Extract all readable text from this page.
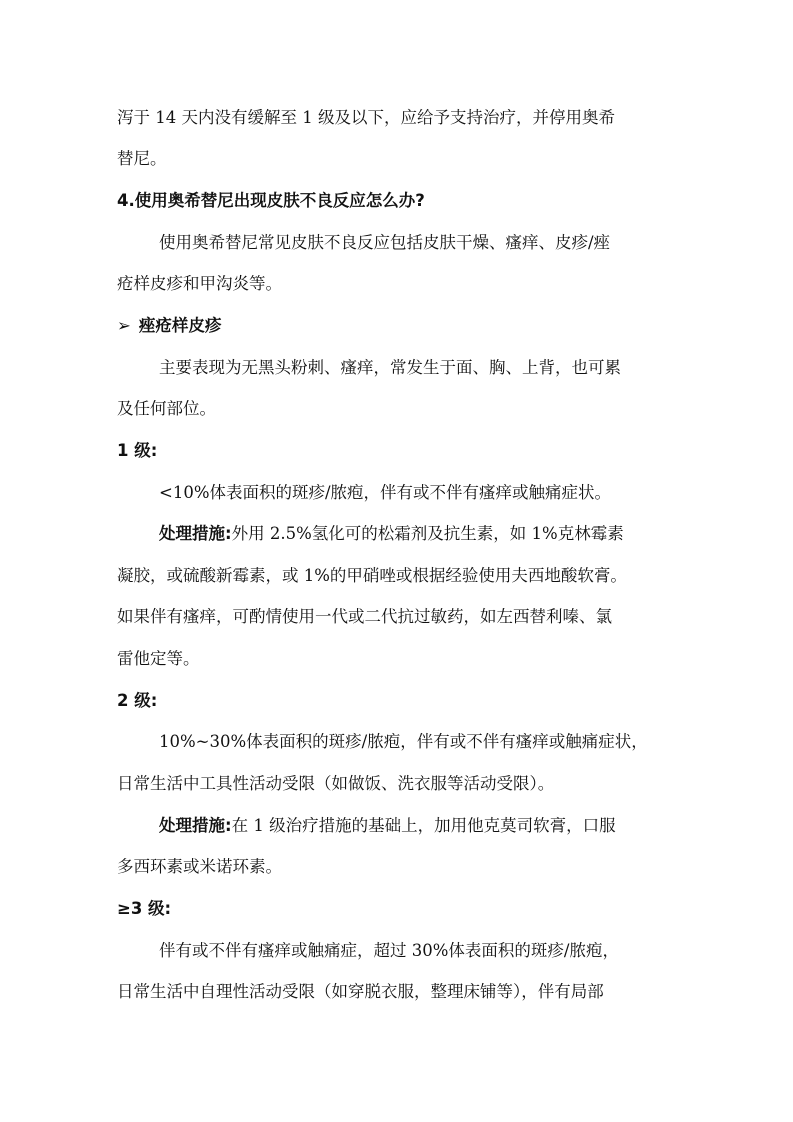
泻于 14 天内没有缓解至 1 级及以下，应给予支持治疗，并停用奥希

替尼。

4.使用奥希替尼出现皮肤不良反应怎么办?

使用奥希替尼常见皮肤不良反应包括皮肤干燥、瘙痒、皮疹/痤

疮样皮疹和甲沟炎等。

➢ 痤疮样皮疹

主要表现为无黑头粉刺、瘙痒，常发生于面、胸、上背，也可累

及任何部位。

1 级:

<10%体表面积的斑疹/脓疱，伴有或不伴有瘙痒或触痛症状。

处理措施:外用 2.5%氢化可的松霜剂及抗生素，如 1%克林霉素

凝胶，或硫酸新霉素，或 1%的甲硝唑或根据经验使用夫西地酸软膏。

如果伴有瘙痒，可酌情使用一代或二代抗过敏药，如左西替利嗪、氯

雷他定等。

2 级:

10%~30%体表面积的斑疹/脓疱，伴有或不伴有瘙痒或触痛症状，

日常生活中工具性活动受限（如做饭、洗衣服等活动受限）。

处理措施:在 1 级治疗措施的基础上，加用他克莫司软膏，口服

多西环素或米诺环素。

≥3 级:

伴有或不伴有瘙痒或触痛症，超过 30%体表面积的斑疹/脓疱，

日常生活中自理性活动受限（如穿脱衣服，整理床铺等），伴有局部
